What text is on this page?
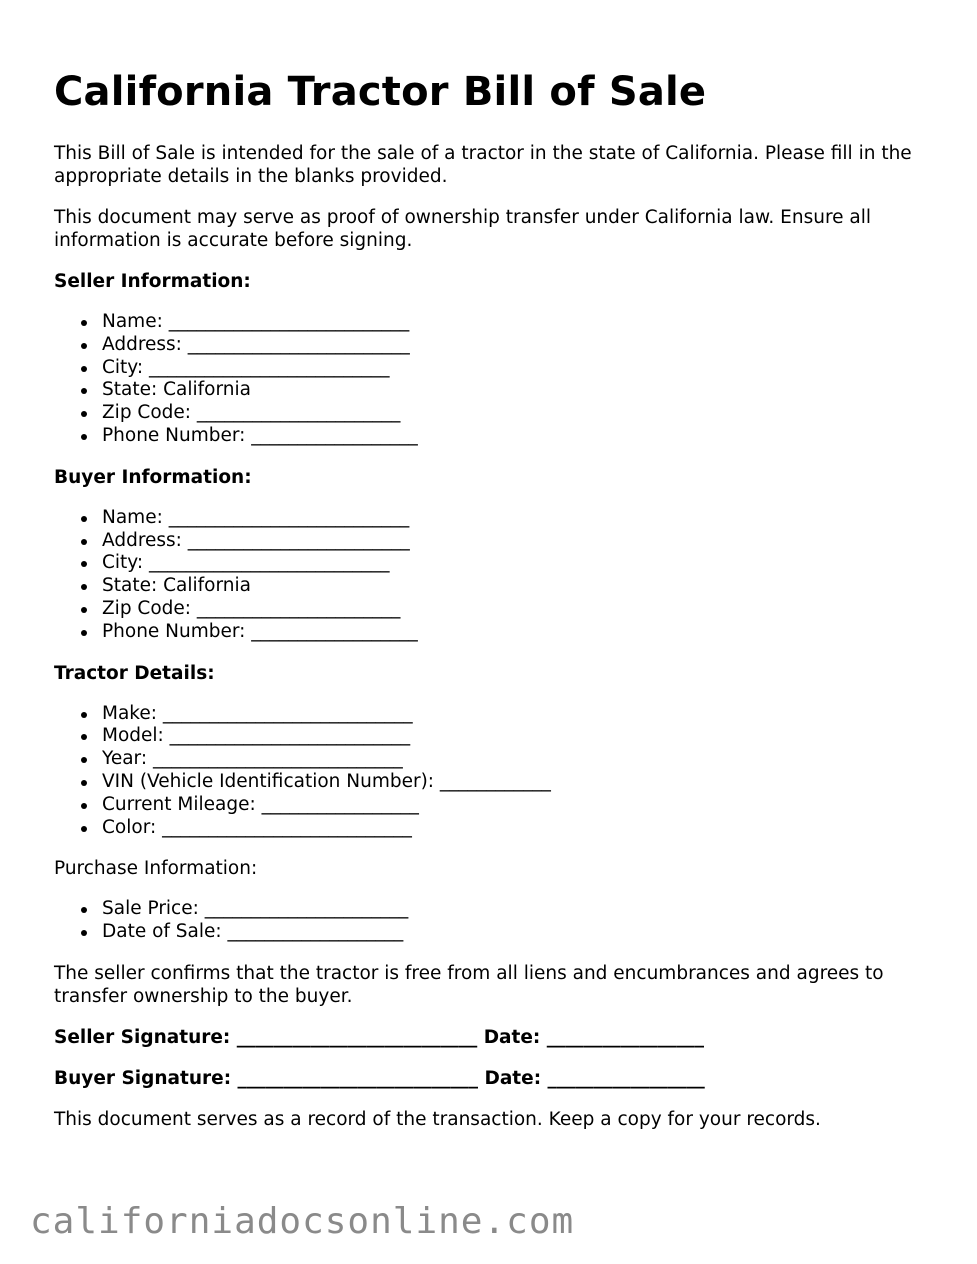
California Tractor Bill of Sale

This Bill of Sale is intended for the sale of a tractor in the state of California. Please fill in the appropriate details in the blanks provided.

This document may serve as proof of ownership transfer under California law. Ensure all information is accurate before signing.

Seller Information:
Name: __________________________
Address: ________________________
City: __________________________
State: California
Zip Code: ______________________
Phone Number: __________________
Buyer Information:
Name: __________________________
Address: ________________________
City: __________________________
State: California
Zip Code: ______________________
Phone Number: __________________
Tractor Details:
Make: ___________________________
Model: __________________________
Year: ___________________________
VIN (Vehicle Identification Number): ____________
Current Mileage: _________________
Color: ___________________________

Purchase Information:

Sale Price: ______________________
Date of Sale: ___________________

The seller confirms that the tractor is free from all liens and encumbrances and agrees to transfer ownership to the buyer.

Seller Signature: __________________________ Date: _________________
Buyer Signature: __________________________ Date: _________________

This document serves as a record of the transaction. Keep a copy for your records.

californiadocsonline.com
